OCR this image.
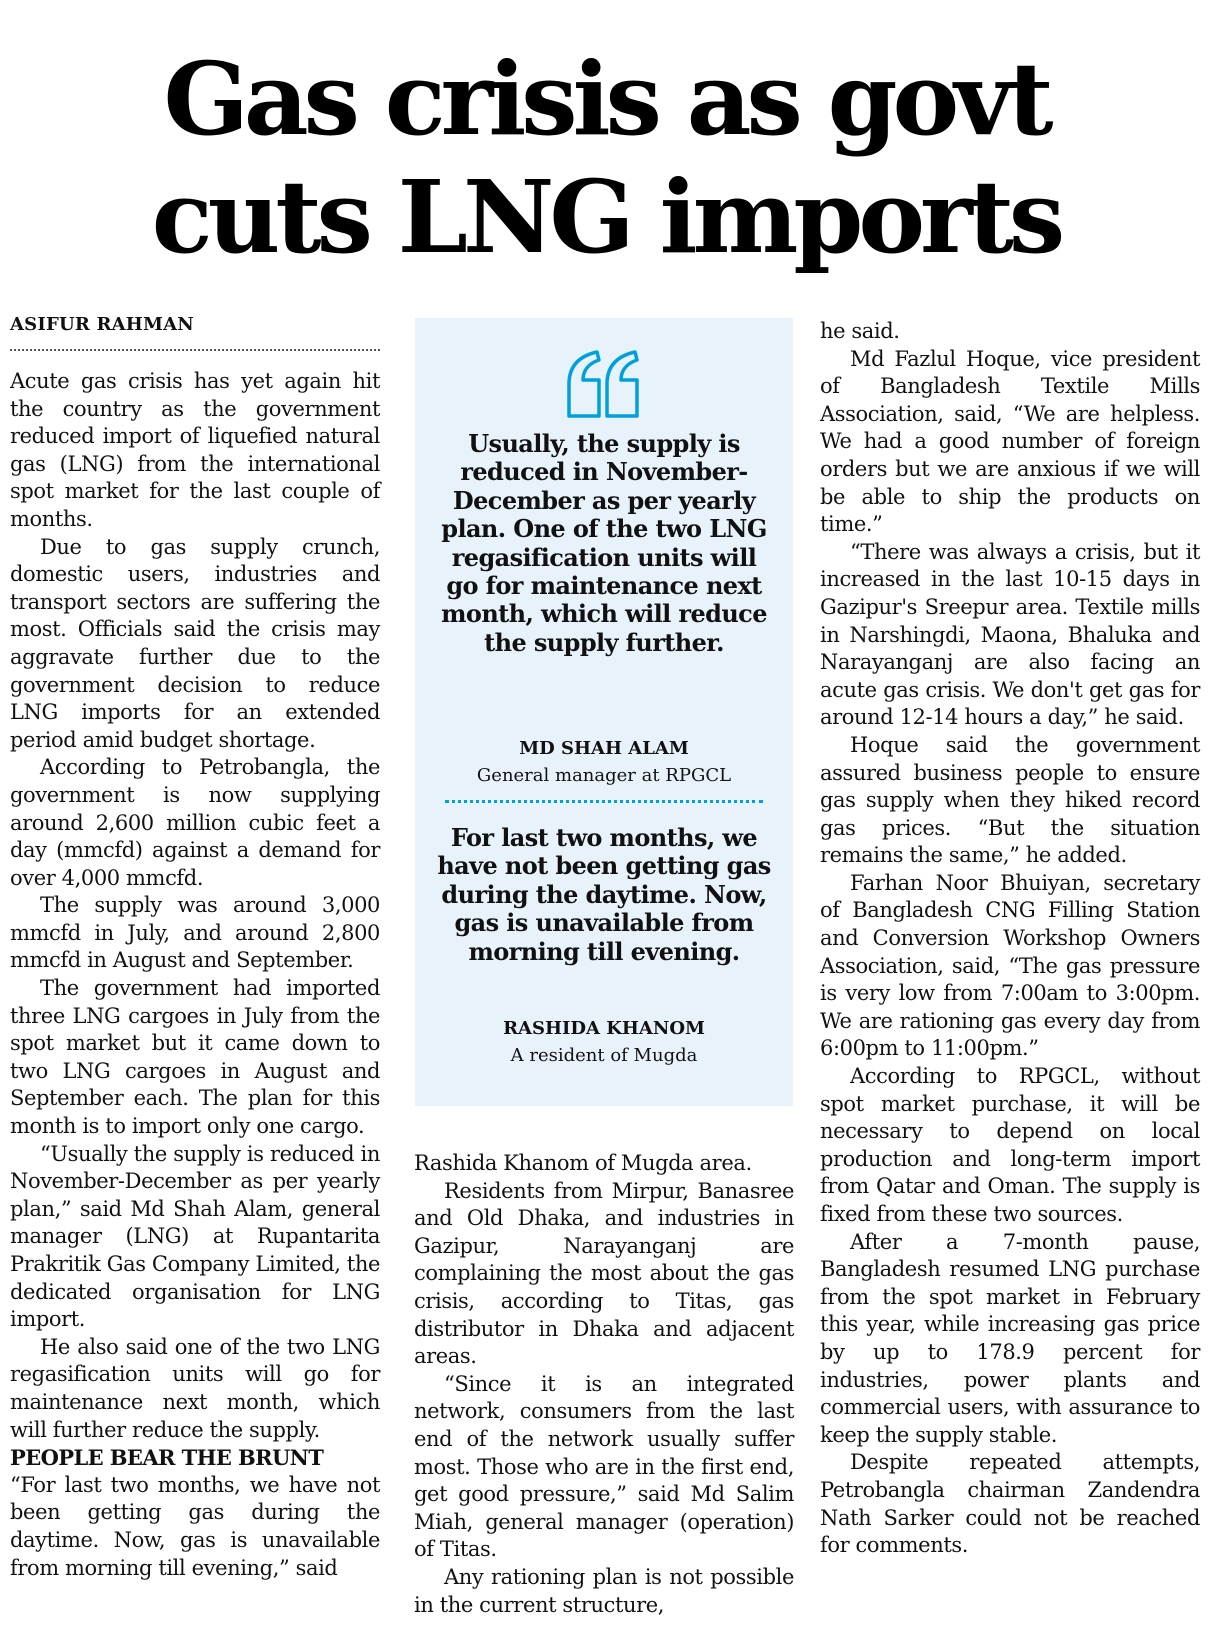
Gas crisis as govt
cuts LNG imports
ASIFUR RAHMAN

Acute gas crisis has yet again hit the country as the government reduced import of liquefied natural gas (LNG) from the international spot market for the last couple of months.

Due to gas supply crunch, domestic users, industries and transport sectors are suffering the most. Officials said the crisis may aggravate further due to the government decision to reduce LNG imports for an extended period amid budget shortage.

According to Petrobangla, the government is now supplying around 2,600 million cubic feet a day (mmcfd) against a demand for over 4,000 mmcfd.

The supply was around 3,000 mmcfd in July, and around 2,800 mmcfd in August and September.

The government had imported three LNG cargoes in July from the spot market but it came down to two LNG cargoes in August and September each. The plan for this month is to import only one cargo.

“Usually the supply is reduced in November-December as per yearly plan,” said Md Shah Alam, general manager (LNG) at Rupantarita Prakritik Gas Company Limited, the dedicated organisation for LNG import.

He also said one of the two LNG regasification units will go for maintenance next month, which will further reduce the supply.

PEOPLE BEAR THE BRUNT

“For last two months, we have not been getting gas during the daytime. Now, gas is unavailable from morning till evening,” said

Usually, the supply is reduced in November-December as per yearly plan. One of the two LNG regasification units will go for maintenance next month, which will reduce the supply further.
MD SHAH ALAM
General manager at RPGCL
For last two months, we have not been getting gas during the daytime. Now, gas is unavailable from morning till evening.
RASHIDA KHANOM
A resident of Mugda

Rashida Khanom of Mugda area.

Residents from Mirpur, Banasree and Old Dhaka, and industries in Gazipur, Narayanganj are complaining the most about the gas crisis, according to Titas, gas distributor in Dhaka and adjacent areas.

“Since it is an integrated network, consumers from the last end of the network usually suffer most. Those who are in the first end, get good pressure,” said Md Salim Miah, general manager (operation) of Titas.

Any rationing plan is not possible in the current structure,

he said.

Md Fazlul Hoque, vice president of Bangladesh Textile Mills Association, said, “We are helpless. We had a good number of foreign orders but we are anxious if we will be able to ship the products on time.”

“There was always a crisis, but it increased in the last 10-15 days in Gazipur's Sreepur area. Textile mills in Narshingdi, Maona, Bhaluka and Narayanganj are also facing an acute gas crisis. We don't get gas for around 12-14 hours a day,” he said.

Hoque said the government assured business people to ensure gas supply when they hiked record gas prices. “But the situation remains the same,” he added.

Farhan Noor Bhuiyan, secretary of Bangladesh CNG Filling Station and Conversion Workshop Owners Association, said, “The gas pressure is very low from 7:00am to 3:00pm. We are rationing gas every day from 6:00pm to 11:00pm.”

According to RPGCL, without spot market purchase, it will be necessary to depend on local production and long-term import from Qatar and Oman. The supply is fixed from these two sources.

After a 7-month pause, Bangladesh resumed LNG purchase from the spot market in February this year, while increasing gas price by up to 178.9 percent for industries, power plants and commercial users, with assurance to keep the supply stable.

Despite repeated attempts, Petrobangla chairman Zandendra Nath Sarker could not be reached for comments.
